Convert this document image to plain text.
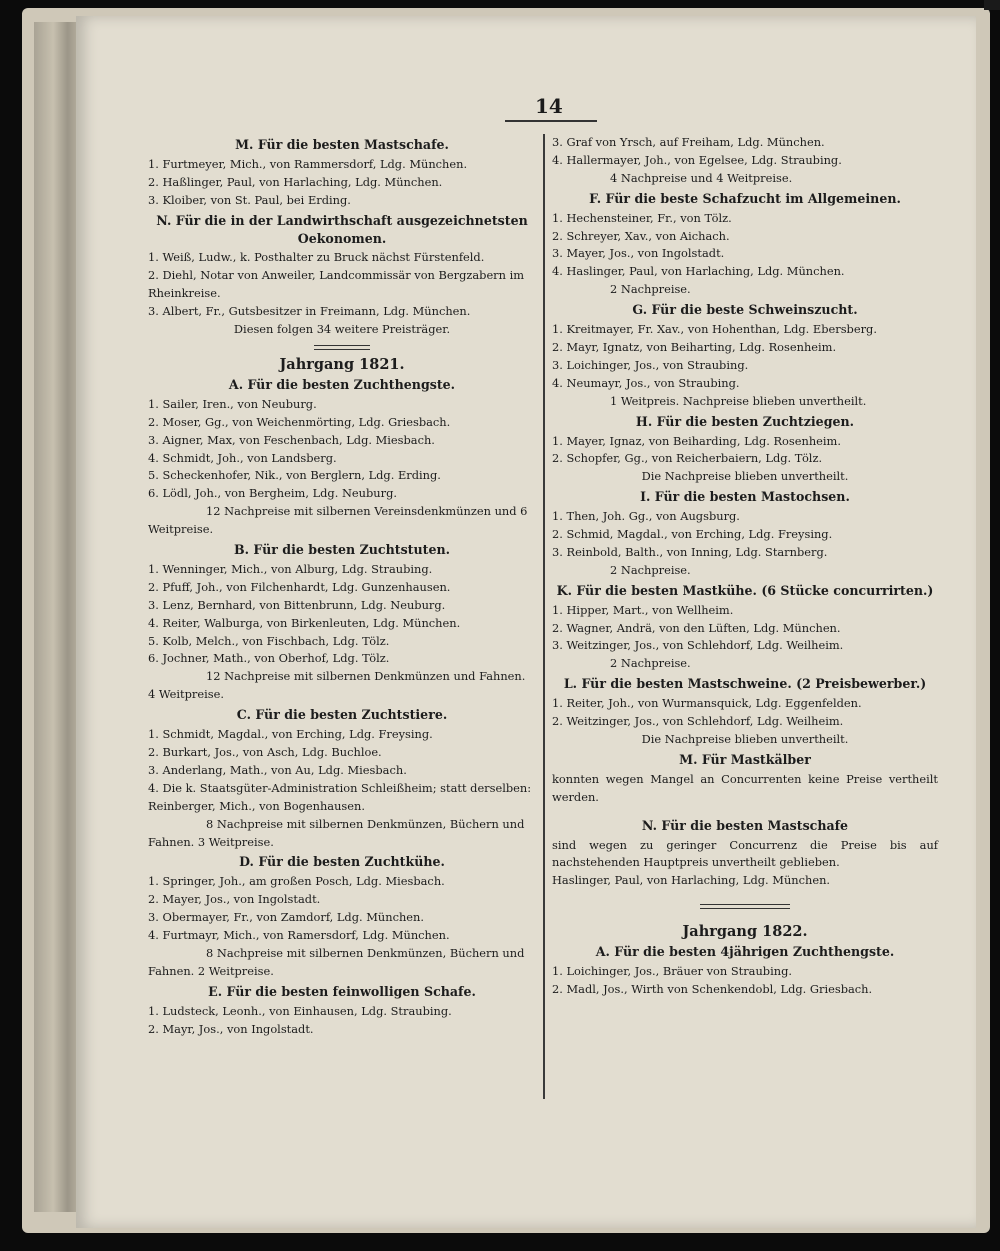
14
M. Für die besten Mastschafe.
1. Furtmeyer, Mich., von Rammersdorf, Ldg. München.
2. Haßlinger, Paul, von Harlaching, Ldg. München.
3. Kloiber, von St. Paul, bei Erding.
N. Für die in der Landwirthschaft ausgezeichnetsten Oekonomen.
1. Weiß, Ludw., k. Posthalter zu Bruck nächst Fürstenfeld.
2. Diehl, Notar von Anweiler, Landcommissär von Bergzabern im Rheinkreise.
3. Albert, Fr., Gutsbesitzer in Freimann, Ldg. München.
Diesen folgen 34 weitere Preisträger.
Jahrgang 1821.
A. Für die besten Zuchthengste.
1. Sailer, Iren., von Neuburg.
2. Moser, Gg., von Weichenmörting, Ldg. Griesbach.
3. Aigner, Max, von Feschenbach, Ldg. Miesbach.
4. Schmidt, Joh., von Landsberg.
5. Scheckenhofer, Nik., von Berglern, Ldg. Erding.
6. Lödl, Joh., von Bergheim, Ldg. Neuburg.
12 Nachpreise mit silbernen Vereinsdenkmünzen und 6 Weitpreise.
B. Für die besten Zuchtstuten.
1. Wenninger, Mich., von Alburg, Ldg. Straubing.
2. Pfuff, Joh., von Filchenhardt, Ldg. Gunzenhausen.
3. Lenz, Bernhard, von Bittenbrunn, Ldg. Neuburg.
4. Reiter, Walburga, von Birkenleuten, Ldg. München.
5. Kolb, Melch., von Fischbach, Ldg. Tölz.
6. Jochner, Math., von Oberhof, Ldg. Tölz.
12 Nachpreise mit silbernen Denkmünzen und Fahnen. 4 Weitpreise.
C. Für die besten Zuchtstiere.
1. Schmidt, Magdal., von Erching, Ldg. Freysing.
2. Burkart, Jos., von Asch, Ldg. Buchloe.
3. Anderlang, Math., von Au, Ldg. Miesbach.
4. Die k. Staatsgüter-Administration Schleißheim; statt derselben: Reinberger, Mich., von Bogenhausen.
8 Nachpreise mit silbernen Denkmünzen, Büchern und Fahnen. 3 Weitpreise.
D. Für die besten Zuchtkühe.
1. Springer, Joh., am großen Posch, Ldg. Miesbach.
2. Mayer, Jos., von Ingolstadt.
3. Obermayer, Fr., von Zamdorf, Ldg. München.
4. Furtmayr, Mich., von Ramersdorf, Ldg. München.
8 Nachpreise mit silbernen Denkmünzen, Büchern und Fahnen. 2 Weitpreise.
E. Für die besten feinwolligen Schafe.
1. Ludsteck, Leonh., von Einhausen, Ldg. Straubing.
2. Mayr, Jos., von Ingolstadt.
3. Graf von Yrsch, auf Freiham, Ldg. München.
4. Hallermayer, Joh., von Egelsee, Ldg. Straubing.
4 Nachpreise und 4 Weitpreise.
F. Für die beste Schafzucht im Allgemeinen.
1. Hechensteiner, Fr., von Tölz.
2. Schreyer, Xav., von Aichach.
3. Mayer, Jos., von Ingolstadt.
4. Haslinger, Paul, von Harlaching, Ldg. München.
2 Nachpreise.
G. Für die beste Schweinszucht.
1. Kreitmayer, Fr. Xav., von Hohenthan, Ldg. Ebersberg.
2. Mayr, Ignatz, von Beiharting, Ldg. Rosenheim.
3. Loichinger, Jos., von Straubing.
4. Neumayr, Jos., von Straubing.
1 Weitpreis. Nachpreise blieben unvertheilt.
H. Für die besten Zuchtziegen.
1. Mayer, Ignaz, von Beiharding, Ldg. Rosenheim.
2. Schopfer, Gg., von Reicherbaiern, Ldg. Tölz.
Die Nachpreise blieben unvertheilt.
I. Für die besten Mastochsen.
1. Then, Joh. Gg., von Augsburg.
2. Schmid, Magdal., von Erching, Ldg. Freysing.
3. Reinbold, Balth., von Inning, Ldg. Starnberg.
2 Nachpreise.
K. Für die besten Mastkühe. (6 Stücke concurrirten.)
1. Hipper, Mart., von Wellheim.
2. Wagner, Andrä, von den Lüften, Ldg. München.
3. Weitzinger, Jos., von Schlehdorf, Ldg. Weilheim.
2 Nachpreise.
L. Für die besten Mastschweine. (2 Preisbewerber.)
1. Reiter, Joh., von Wurmansquick, Ldg. Eggenfelden.
2. Weitzinger, Jos., von Schlehdorf, Ldg. Weilheim.
Die Nachpreise blieben unvertheilt.
M. Für Mastkälber
konnten wegen Mangel an Concurrenten keine Preise vertheilt werden.
N. Für die besten Mastschafe
sind wegen zu geringer Concurrenz die Preise bis auf nachstehenden Hauptpreis unvertheilt geblieben.
Haslinger, Paul, von Harlaching, Ldg. München.
Jahrgang 1822.
A. Für die besten 4jährigen Zuchthengste.
1. Loichinger, Jos., Bräuer von Straubing.
2. Madl, Jos., Wirth von Schenkendobl, Ldg. Griesbach.
